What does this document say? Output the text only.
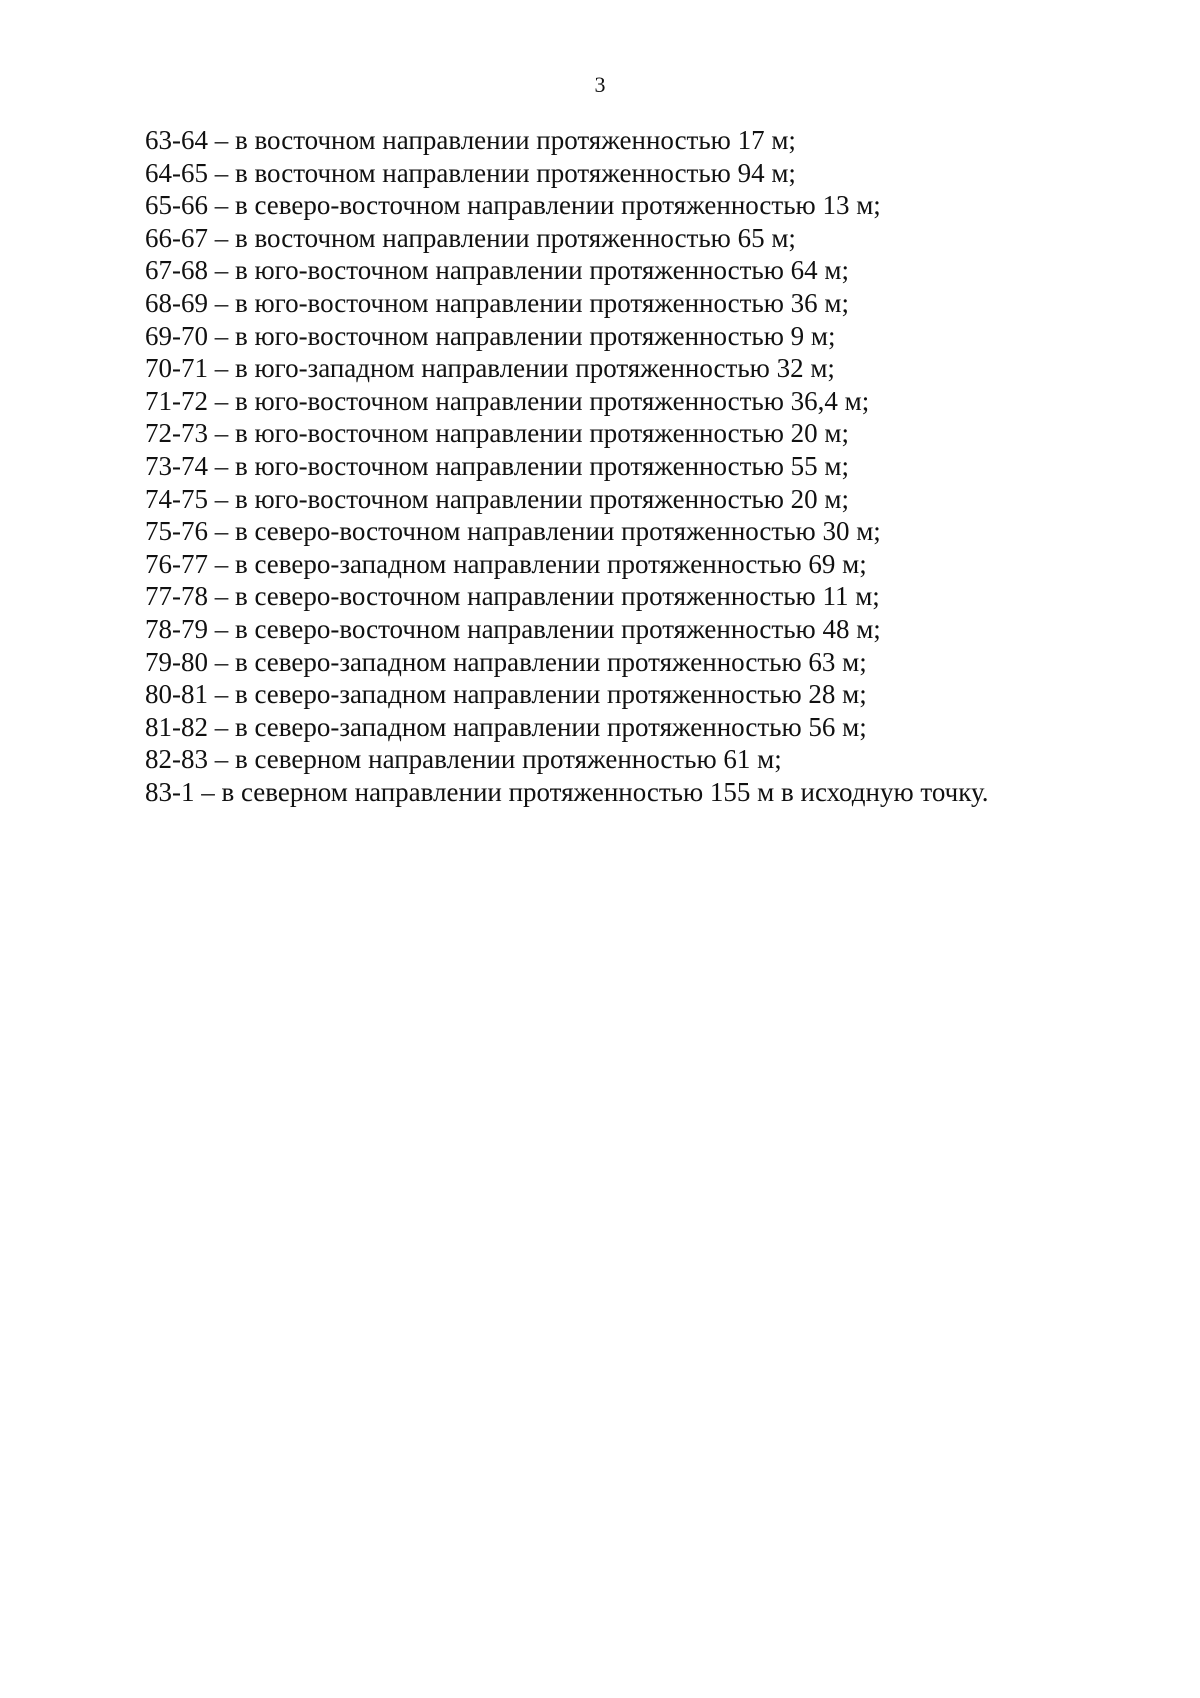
3
63-64 – в восточном направлении протяженностью 17 м;
64-65 – в восточном направлении протяженностью 94 м;
65-66 – в северо-восточном направлении протяженностью 13 м;
66-67 – в восточном направлении протяженностью 65 м;
67-68 – в юго-восточном направлении протяженностью 64 м;
68-69 – в юго-восточном направлении протяженностью 36 м;
69-70 – в юго-восточном направлении протяженностью 9 м;
70-71 – в юго-западном направлении протяженностью 32 м;
71-72 – в юго-восточном направлении протяженностью 36,4 м;
72-73 – в юго-восточном направлении протяженностью 20 м;
73-74 – в юго-восточном направлении протяженностью 55 м;
74-75 – в юго-восточном направлении протяженностью 20 м;
75-76 – в северо-восточном направлении протяженностью 30 м;
76-77 – в северо-западном направлении протяженностью 69 м;
77-78 – в северо-восточном направлении протяженностью 11 м;
78-79 – в северо-восточном направлении протяженностью 48 м;
79-80 – в северо-западном направлении протяженностью 63 м;
80-81 – в северо-западном направлении протяженностью 28 м;
81-82 – в северо-западном направлении протяженностью 56 м;
82-83 – в северном направлении протяженностью 61 м;
83-1 – в северном направлении протяженностью 155 м в исходную точку.
